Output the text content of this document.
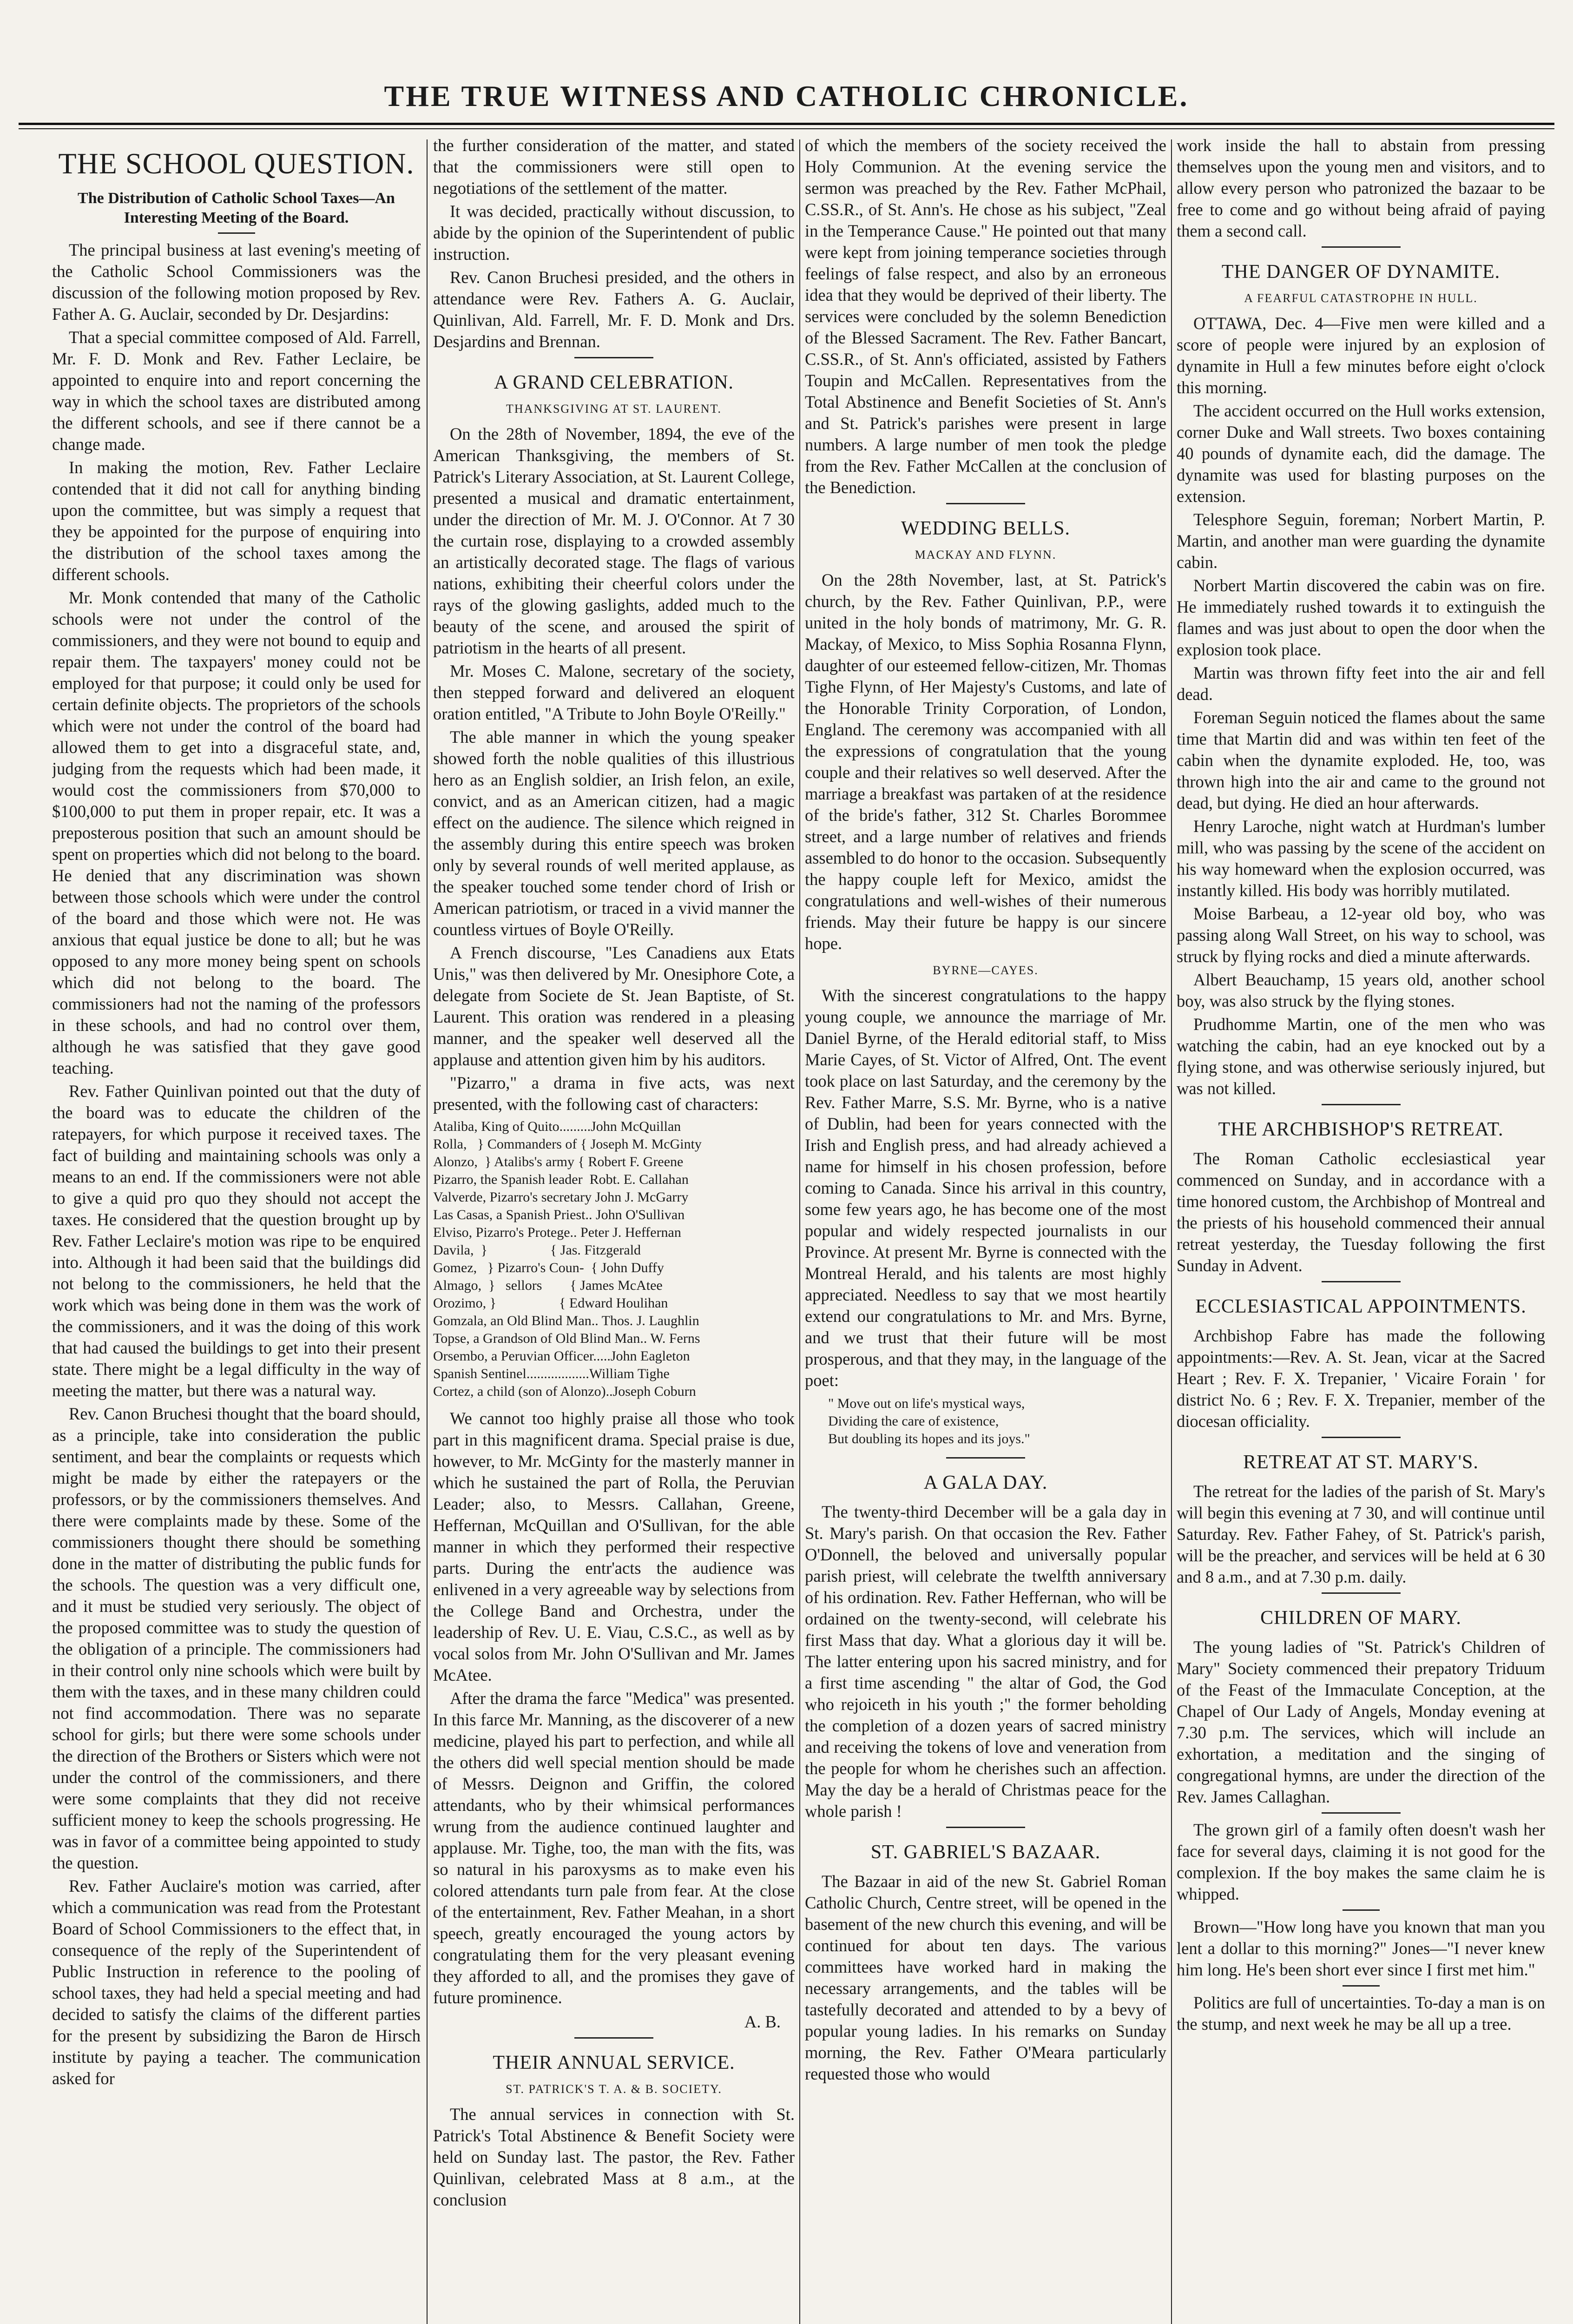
THE TRUE WITNESS AND CATHOLIC CHRONICLE.
THE SCHOOL QUESTION.
The Distribution of Catholic School Taxes—An Interesting Meeting of the Board.

The principal business at last evening's meeting of the Catholic School Commissioners was the discussion of the following motion proposed by Rev. Father A. G. Auclair, seconded by Dr. Desjardins:

That a special committee composed of Ald. Farrell, Mr. F. D. Monk and Rev. Father Leclaire, be appointed to enquire into and report concerning the way in which the school taxes are distributed among the different schools, and see if there cannot be a change made.

In making the motion, Rev. Father Leclaire contended that it did not call for anything binding upon the committee, but was simply a request that they be appointed for the purpose of enquiring into the distribution of the school taxes among the different schools.

Mr. Monk contended that many of the Catholic schools were not under the control of the commissioners, and they were not bound to equip and repair them. The taxpayers' money could not be employed for that purpose; it could only be used for certain definite objects. The proprietors of the schools which were not under the control of the board had allowed them to get into a disgraceful state, and, judging from the requests which had been made, it would cost the commissioners from $70,000 to $100,000 to put them in proper repair, etc. It was a preposterous position that such an amount should be spent on properties which did not belong to the board. He denied that any discrimination was shown between those schools which were under the control of the board and those which were not. He was anxious that equal justice be done to all; but he was opposed to any more money being spent on schools which did not belong to the board. The commissioners had not the naming of the professors in these schools, and had no control over them, although he was satisfied that they gave good teaching.

Rev. Father Quinlivan pointed out that the duty of the board was to educate the children of the ratepayers, for which purpose it received taxes. The fact of building and maintaining schools was only a means to an end. If the commissioners were not able to give a quid pro quo they should not accept the taxes. He considered that the question brought up by Rev. Father Leclaire's motion was ripe to be enquired into. Although it had been said that the buildings did not belong to the commissioners, he held that the work which was being done in them was the work of the commissioners, and it was the doing of this work that had caused the buildings to get into their present state. There might be a legal difficulty in the way of meeting the matter, but there was a natural way.

Rev. Canon Bruchesi thought that the board should, as a principle, take into consideration the public sentiment, and bear the complaints or requests which might be made by either the ratepayers or the professors, or by the commissioners themselves. And there were complaints made by these. Some of the commissioners thought there should be something done in the matter of distributing the public funds for the schools. The question was a very difficult one, and it must be studied very seriously. The object of the proposed committee was to study the question of the obligation of a principle. The commissioners had in their control only nine schools which were built by them with the taxes, and in these many children could not find accommodation. There was no separate school for girls; but there were some schools under the direction of the Brothers or Sisters which were not under the control of the commissioners, and there were some complaints that they did not receive sufficient money to keep the schools progressing. He was in favor of a committee being appointed to study the question.

Rev. Father Auclaire's motion was carried, after which a communication was read from the Protestant Board of School Commissioners to the effect that, in consequence of the reply of the Superintendent of Public Instruction in reference to the pooling of school taxes, they had held a special meeting and had decided to satisfy the claims of the different parties for the present by subsidizing the Baron de Hirsch institute by paying a teacher. The communication asked for

the further consideration of the matter, and stated that the commissioners were still open to negotiations of the settlement of the matter.

It was decided, practically without discussion, to abide by the opinion of the Superintendent of public instruction.

Rev. Canon Bruchesi presided, and the others in attendance were Rev. Fathers A. G. Auclair, Quinlivan, Ald. Farrell, Mr. F. D. Monk and Drs. Desjardins and Brennan.

A GRAND CELEBRATION.
THANKSGIVING AT ST. LAURENT.

On the 28th of November, 1894, the eve of the American Thanksgiving, the members of St. Patrick's Literary Association, at St. Laurent College, presented a musical and dramatic entertainment, under the direction of Mr. M. J. O'Connor. At 7 30 the curtain rose, displaying to a crowded assembly an artistically decorated stage. The flags of various nations, exhibiting their cheerful colors under the rays of the glowing gaslights, added much to the beauty of the scene, and aroused the spirit of patriotism in the hearts of all present.

Mr. Moses C. Malone, secretary of the society, then stepped forward and delivered an eloquent oration entitled, "A Tribute to John Boyle O'Reilly."

The able manner in which the young speaker showed forth the noble qualities of this illustrious hero as an English soldier, an Irish felon, an exile, convict, and as an American citizen, had a magic effect on the audience. The silence which reigned in the assembly during this entire speech was broken only by several rounds of well merited applause, as the speaker touched some tender chord of Irish or American patriotism, or traced in a vivid manner the countless virtues of Boyle O'Reilly.

A French discourse, "Les Canadiens aux Etats Unis," was then delivered by Mr. Onesiphore Cote, a delegate from Societe de St. Jean Baptiste, of St. Laurent. This oration was rendered in a pleasing manner, and the speaker well deserved all the applause and attention given him by his auditors.

"Pizarro," a drama in five acts, was next presented, with the following cast of characters:

Ataliba, King of Quito.........John McQuillan
Rolla,   } Commanders of { Joseph M. McGinty
Alonzo,  } Atalibs's army { Robert F. Greene
Pizarro, the Spanish leader  Robt. E. Callahan
Valverde, Pizarro's secretary John J. McGarry
Las Casas, a Spanish Priest.. John O'Sullivan
Elviso, Pizarro's Protege.. Peter J. Heffernan
Davila,  }                  { Jas. Fitzgerald
Gomez,   } Pizarro's Coun-  { John Duffy
Almago,  }   sellors        { James McAtee
Orozimo, }                  { Edward Houlihan
Gomzala, an Old Blind Man.. Thos. J. Laughlin
Topse, a Grandson of Old Blind Man.. W. Ferns
Orsembo, a Peruvian Officer.....John Eagleton
Spanish Sentinel..................William Tighe
Cortez, a child (son of Alonzo)..Joseph Coburn

We cannot too highly praise all those who took part in this magnificent drama. Special praise is due, however, to Mr. McGinty for the masterly manner in which he sustained the part of Rolla, the Peruvian Leader; also, to Messrs. Callahan, Greene, Heffernan, McQuillan and O'Sullivan, for the able manner in which they performed their respective parts. During the entr'acts the audience was enlivened in a very agreeable way by selections from the College Band and Orchestra, under the leadership of Rev. U. E. Viau, C.S.C., as well as by vocal solos from Mr. John O'Sullivan and Mr. James McAtee.

After the drama the farce "Medica" was presented. In this farce Mr. Manning, as the discoverer of a new medicine, played his part to perfection, and while all the others did well special mention should be made of Messrs. Deignon and Griffin, the colored attendants, who by their whimsical performances wrung from the audience continued laughter and applause. Mr. Tighe, too, the man with the fits, was so natural in his paroxysms as to make even his colored attendants turn pale from fear. At the close of the entertainment, Rev. Father Meahan, in a short speech, greatly encouraged the young actors by congratulating them for the very pleasant evening they afforded to all, and the promises they gave of future prominence.

A. B.
THEIR ANNUAL SERVICE.
ST. PATRICK'S T. A. & B. SOCIETY.

The annual services in connection with St. Patrick's Total Abstinence & Benefit Society were held on Sunday last. The pastor, the Rev. Father Quinlivan, celebrated Mass at 8 a.m., at the conclusion

of which the members of the society received the Holy Communion. At the evening service the sermon was preached by the Rev. Father McPhail, C.SS.R., of St. Ann's. He chose as his subject, "Zeal in the Temperance Cause." He pointed out that many were kept from joining temperance societies through feelings of false respect, and also by an erroneous idea that they would be deprived of their liberty. The services were concluded by the solemn Benediction of the Blessed Sacrament. The Rev. Father Bancart, C.SS.R., of St. Ann's officiated, assisted by Fathers Toupin and McCallen. Representatives from the Total Abstinence and Benefit Societies of St. Ann's and St. Patrick's parishes were present in large numbers. A large number of men took the pledge from the Rev. Father McCallen at the conclusion of the Benediction.

WEDDING BELLS.
MACKAY AND FLYNN.

On the 28th November, last, at St. Patrick's church, by the Rev. Father Quinlivan, P.P., were united in the holy bonds of matrimony, Mr. G. R. Mackay, of Mexico, to Miss Sophia Rosanna Flynn, daughter of our esteemed fellow-citizen, Mr. Thomas Tighe Flynn, of Her Majesty's Customs, and late of the Honorable Trinity Corporation, of London, England. The ceremony was accompanied with all the expressions of congratulation that the young couple and their relatives so well deserved. After the marriage a breakfast was partaken of at the residence of the bride's father, 312 St. Charles Borommee street, and a large number of relatives and friends assembled to do honor to the occasion. Subsequently the happy couple left for Mexico, amidst the congratulations and well-wishes of their numerous friends. May their future be happy is our sincere hope.

BYRNE—CAYES.

With the sincerest congratulations to the happy young couple, we announce the marriage of Mr. Daniel Byrne, of the Herald editorial staff, to Miss Marie Cayes, of St. Victor of Alfred, Ont. The event took place on last Saturday, and the ceremony by the Rev. Father Marre, S.S. Mr. Byrne, who is a native of Dublin, had been for years connected with the Irish and English press, and had already achieved a name for himself in his chosen profession, before coming to Canada. Since his arrival in this country, some few years ago, he has become one of the most popular and widely respected journalists in our Province. At present Mr. Byrne is connected with the Montreal Herald, and his talents are most highly appreciated. Needless to say that we most heartily extend our congratulations to Mr. and Mrs. Byrne, and we trust that their future will be most prosperous, and that they may, in the language of the poet:

" Move out on life's mystical ways,
Dividing the care of existence,
But doubling its hopes and its joys."
A GALA DAY.

The twenty-third December will be a gala day in St. Mary's parish. On that occasion the Rev. Father O'Donnell, the beloved and universally popular parish priest, will celebrate the twelfth anniversary of his ordination. Rev. Father Heffernan, who will be ordained on the twenty-second, will celebrate his first Mass that day. What a glorious day it will be. The latter entering upon his sacred ministry, and for a first time ascending " the altar of God, the God who rejoiceth in his youth ;" the former beholding the completion of a dozen years of sacred ministry and receiving the tokens of love and veneration from the people for whom he cherishes such an affection. May the day be a herald of Christmas peace for the whole parish !

ST. GABRIEL'S BAZAAR.

The Bazaar in aid of the new St. Gabriel Roman Catholic Church, Centre street, will be opened in the basement of the new church this evening, and will be continued for about ten days. The various committees have worked hard in making the necessary arrangements, and the tables will be tastefully decorated and attended to by a bevy of popular young ladies. In his remarks on Sunday morning, the Rev. Father O'Meara particularly requested those who would

work inside the hall to abstain from pressing themselves upon the young men and visitors, and to allow every person who patronized the bazaar to be free to come and go without being afraid of paying them a second call.

THE DANGER OF DYNAMITE.
A FEARFUL CATASTROPHE IN HULL.

OTTAWA, Dec. 4—Five men were killed and a score of people were injured by an explosion of dynamite in Hull a few minutes before eight o'clock this morning.

The accident occurred on the Hull works extension, corner Duke and Wall streets. Two boxes containing 40 pounds of dynamite each, did the damage. The dynamite was used for blasting purposes on the extension.

Telesphore Seguin, foreman; Norbert Martin, P. Martin, and another man were guarding the dynamite cabin.

Norbert Martin discovered the cabin was on fire. He immediately rushed towards it to extinguish the flames and was just about to open the door when the explosion took place.

Martin was thrown fifty feet into the air and fell dead.

Foreman Seguin noticed the flames about the same time that Martin did and was within ten feet of the cabin when the dynamite exploded. He, too, was thrown high into the air and came to the ground not dead, but dying. He died an hour afterwards.

Henry Laroche, night watch at Hurdman's lumber mill, who was passing by the scene of the accident on his way homeward when the explosion occurred, was instantly killed. His body was horribly mutilated.

Moise Barbeau, a 12-year old boy, who was passing along Wall Street, on his way to school, was struck by flying rocks and died a minute afterwards.

Albert Beauchamp, 15 years old, another school boy, was also struck by the flying stones.

Prudhomme Martin, one of the men who was watching the cabin, had an eye knocked out by a flying stone, and was otherwise seriously injured, but was not killed.

THE ARCHBISHOP'S RETREAT.

The Roman Catholic ecclesiastical year commenced on Sunday, and in accordance with a time honored custom, the Archbishop of Montreal and the priests of his household commenced their annual retreat yesterday, the Tuesday following the first Sunday in Advent.

ECCLESIASTICAL APPOINTMENTS.

Archbishop Fabre has made the following appointments:—Rev. A. St. Jean, vicar at the Sacred Heart ; Rev. F. X. Trepanier, ' Vicaire Forain ' for district No. 6 ; Rev. F. X. Trepanier, member of the diocesan officiality.

RETREAT AT ST. MARY'S.

The retreat for the ladies of the parish of St. Mary's will begin this evening at 7 30, and will continue until Saturday. Rev. Father Fahey, of St. Patrick's parish, will be the preacher, and services will be held at 6 30 and 8 a.m., and at 7.30 p.m. daily.

CHILDREN OF MARY.

The young ladies of "St. Patrick's Children of Mary" Society commenced their prepatory Triduum of the Feast of the Immaculate Conception, at the Chapel of Our Lady of Angels, Monday evening at 7.30 p.m. The services, which will include an exhortation, a meditation and the singing of congregational hymns, are under the direction of the Rev. James Callaghan.

The grown girl of a family often doesn't wash her face for several days, claiming it is not good for the complexion. If the boy makes the same claim he is whipped.

Brown—"How long have you known that man you lent a dollar to this morning?" Jones—"I never knew him long. He's been short ever since I first met him."

Politics are full of uncertainties. To-day a man is on the stump, and next week he may be all up a tree.
